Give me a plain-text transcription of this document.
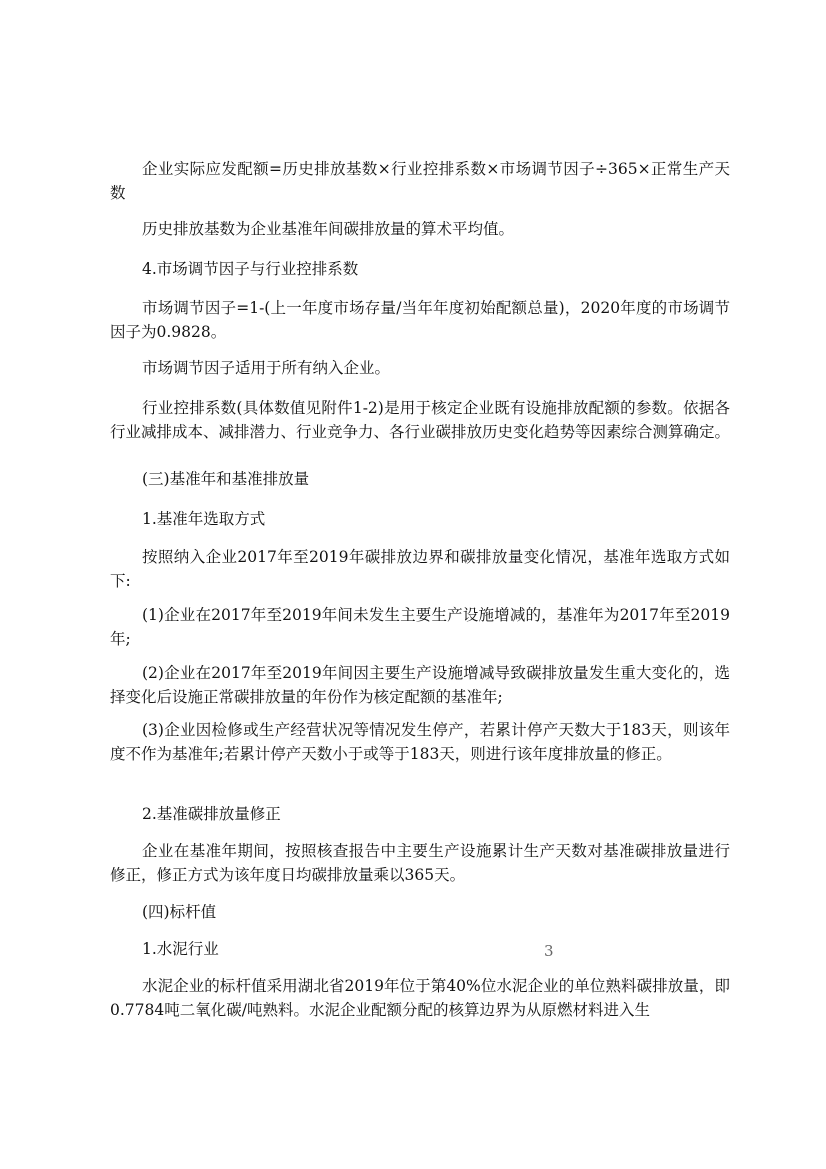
企业实际应发配额=历史排放基数×行业控排系数×市场调节因子÷365×正常生产天数

历史排放基数为企业基准年间碳排放量的算术平均值。

4.市场调节因子与行业控排系数

市场调节因子=1-(上一年度市场存量/当年年度初始配额总量)，2020年度的市场调节因子为0.9828。

市场调节因子适用于所有纳入企业。

行业控排系数(具体数值见附件1-2)是用于核定企业既有设施排放配额的参数。依据各行业减排成本、减排潜力、行业竞争力、各行业碳排放历史变化趋势等因素综合测算确定。

(三)基准年和基准排放量

1.基准年选取方式

按照纳入企业2017年至2019年碳排放边界和碳排放量变化情况，基准年选取方式如下:

(1)企业在2017年至2019年间未发生主要生产设施增减的，基准年为2017年至2019年;

(2)企业在2017年至2019年间因主要生产设施增减导致碳排放量发生重大变化的，选择变化后设施正常碳排放量的年份作为核定配额的基准年;

(3)企业因检修或生产经营状况等情况发生停产，若累计停产天数大于183天，则该年度不作为基准年;若累计停产天数小于或等于183天，则进行该年度排放量的修正。

2.基准碳排放量修正

企业在基准年期间，按照核查报告中主要生产设施累计生产天数对基准碳排放量进行修正，修正方式为该年度日均碳排放量乘以365天。

(四)标杆值

1.水泥行业

水泥企业的标杆值采用湖北省2019年位于第40%位水泥企业的单位熟料碳排放量，即0.7784吨二氧化碳/吨熟料。水泥企业配额分配的核算边界为从原燃材料进入生

3
